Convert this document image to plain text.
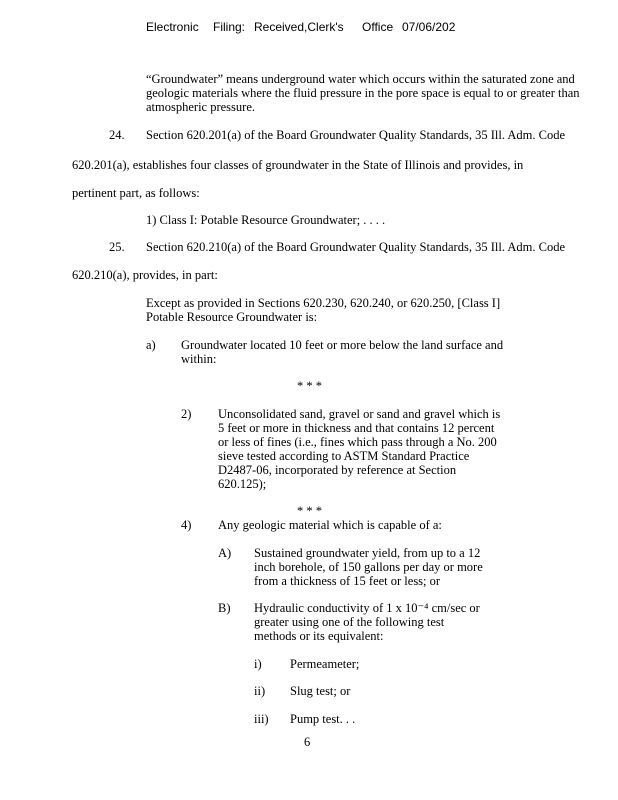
Electronic Filing: Received,Clerk's Office 07/06/202
“Groundwater” means underground water which occurs within the saturated zone and geologic materials where the fluid pressure in the pore space is equal to or greater than atmospheric pressure.
24. Section 620.201(a) of the Board Groundwater Quality Standards, 35 Ill. Adm. Code
620.201(a), establishes four classes of groundwater in the State of Illinois and provides, in
pertinent part, as follows:
1) Class I: Potable Resource Groundwater; . . . .
25. Section 620.210(a) of the Board Groundwater Quality Standards, 35 Ill. Adm. Code
620.210(a), provides, in part:
Except as provided in Sections 620.230, 620.240, or 620.250, [Class I] Potable Resource Groundwater is:
a) Groundwater located 10 feet or more below the land surface and within:
* * *
2) Unconsolidated sand, gravel or sand and gravel which is 5 feet or more in thickness and that contains 12 percent or less of fines (i.e., fines which pass through a No. 200 sieve tested according to ASTM Standard Practice D2487-06, incorporated by reference at Section 620.125);
* * *
4) Any geologic material which is capable of a:
A) Sustained groundwater yield, from up to a 12 inch borehole, of 150 gallons per day or more from a thickness of 15 feet or less; or
B) Hydraulic conductivity of 1 x 10⁻⁴ cm/sec or greater using one of the following test methods or its equivalent:
i) Permeameter;
ii) Slug test; or
iii) Pump test. . .
6
